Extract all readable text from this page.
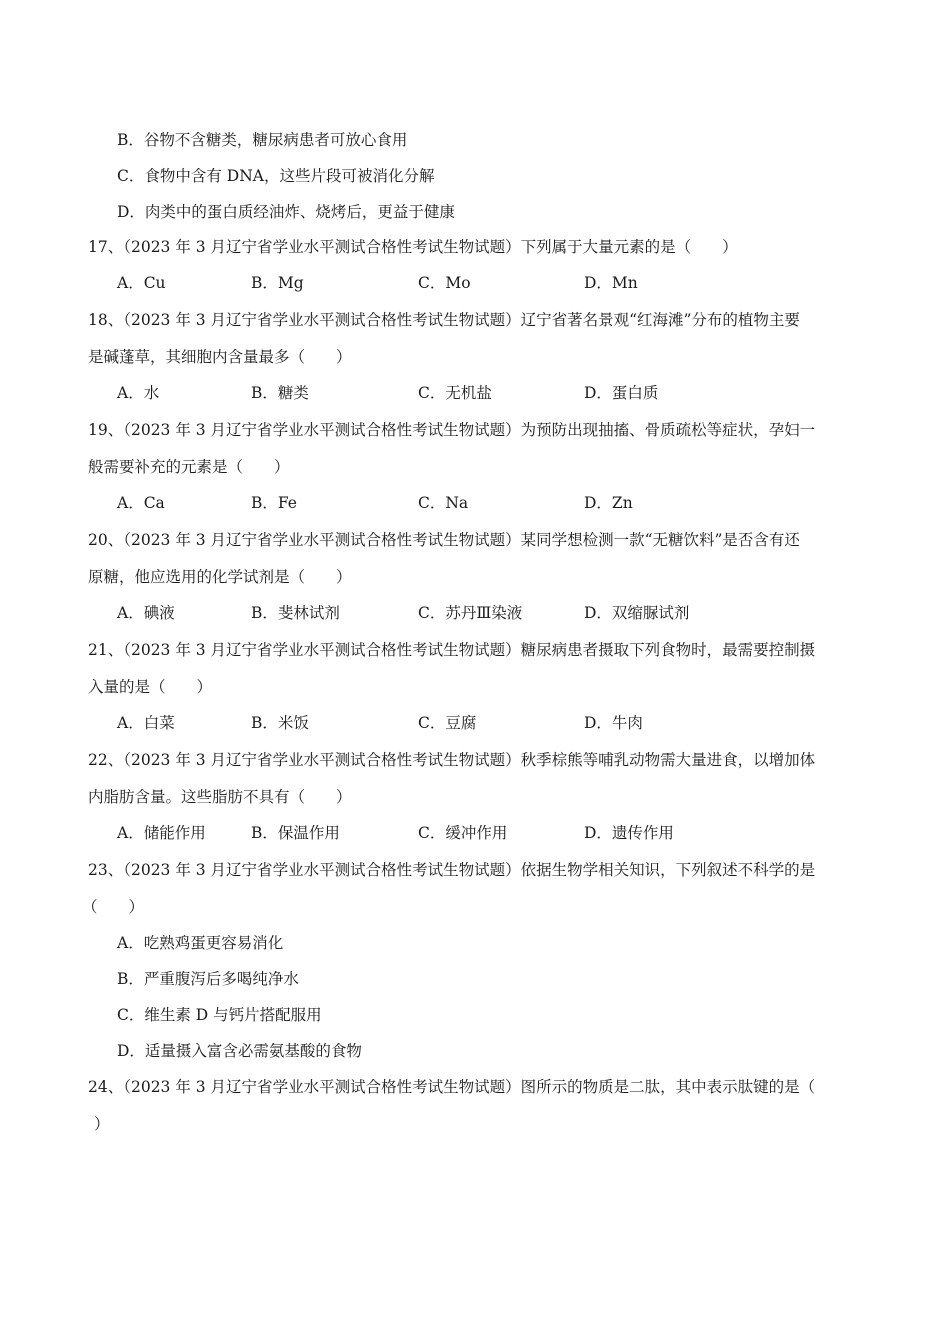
B．谷物不含糖类，糖尿病患者可放心食用
C．食物中含有 DNA，这些片段可被消化分解
D．肉类中的蛋白质经油炸、烧烤后，更益于健康
17、（2023 年 3 月辽宁省学业水平测试合格性考试生物试题）下列属于大量元素的是（　　）
A．Cu	B．Mg	C．Mo	D．Mn
18、（2023 年 3 月辽宁省学业水平测试合格性考试生物试题）辽宁省著名景观“红海滩”分布的植物主要
是碱蓬草，其细胞内含量最多（　　）
A．水	B．糖类	C．无机盐	D．蛋白质
19、（2023 年 3 月辽宁省学业水平测试合格性考试生物试题）为预防出现抽搐、骨质疏松等症状，孕妇一
般需要补充的元素是（　　）
A．Ca	B．Fe	C．Na	D．Zn
20、（2023 年 3 月辽宁省学业水平测试合格性考试生物试题）某同学想检测一款“无糖饮料”是否含有还
原糖，他应选用的化学试剂是（　　）
A．碘液	B．斐林试剂	C．苏丹Ⅲ染液	D．双缩脲试剂
21、（2023 年 3 月辽宁省学业水平测试合格性考试生物试题）糖尿病患者摄取下列食物时，最需要控制摄
入量的是（　　）
A．白菜	B．米饭	C．豆腐	D．牛肉
22、（2023 年 3 月辽宁省学业水平测试合格性考试生物试题）秋季棕熊等哺乳动物需大量进食，以增加体
内脂肪含量。这些脂肪不具有（　　）
A．储能作用	B．保温作用	C．缓冲作用	D．遗传作用
23、（2023 年 3 月辽宁省学业水平测试合格性考试生物试题）依据生物学相关知识，下列叙述不科学的是
（　　）
A．吃熟鸡蛋更容易消化
B．严重腹泻后多喝纯净水
C．维生素 D 与钙片搭配服用
D．适量摄入富含必需氨基酸的食物
24、（2023 年 3 月辽宁省学业水平测试合格性考试生物试题）图所示的物质是二肽，其中表示肽键的是（
）
